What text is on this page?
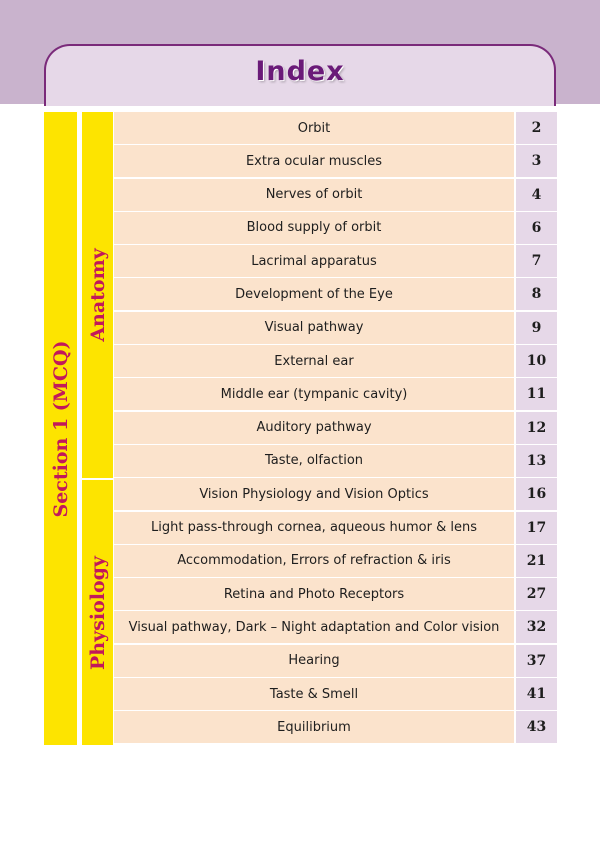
Index
Section 1 (MCQ)
Anatomy
Physiology
Orbit	2
Extra ocular muscles	3
Nerves of orbit	4
Blood supply of orbit	6
Lacrimal apparatus	7
Development of the Eye	8
Visual pathway	9
External ear	10
Middle ear (tympanic cavity)	11
Auditory pathway	12
Taste, olfaction	13
Vision Physiology and Vision Optics	16
Light pass-through cornea, aqueous humor & lens	17
Accommodation, Errors of refraction & iris	21
Retina and Photo Receptors	27
Visual pathway, Dark – Night adaptation and Color vision	32
Hearing	37
Taste & Smell	41
Equilibrium	43
